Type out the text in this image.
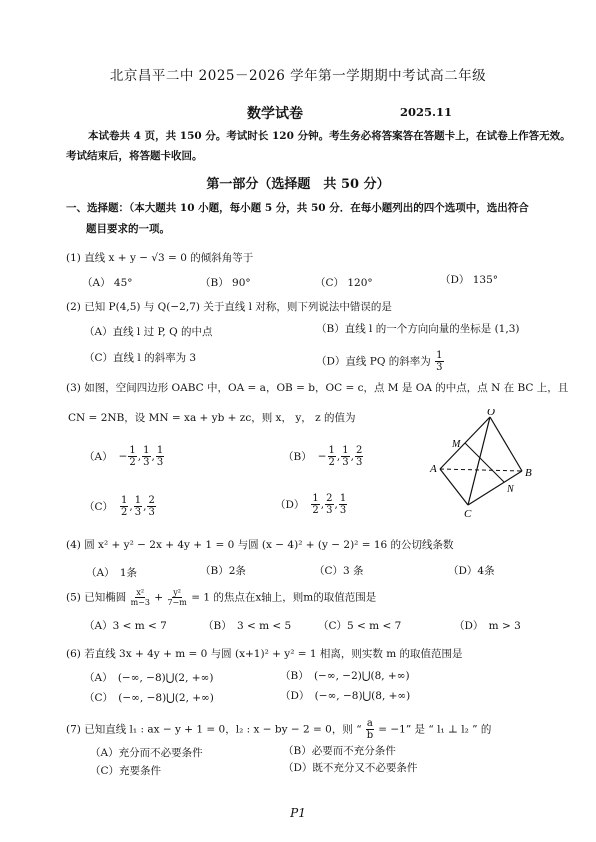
北京昌平二中 2025－2026 学年第一学期期中考试高二年级
数学试卷	2025.11
本试卷共 4 页，共 150 分。考试时长 120 分钟。考生务必将答案答在答题卡上，在试卷上作答无效。
考试结束后，将答题卡收回。
第一部分（选择题　共 50 分）
一、选择题：（本大题共 10 小题，每小题 5 分，共 50 分．在每小题列出的四个选项中，选出符合
题目要求的一项。
(1) 直线 x + y − √3 = 0 的倾斜角等于
（A） 45°	（B） 90°	（C） 120°	（D） 135°
(2) 已知 P(4,5) 与 Q(−2,7) 关于直线 l 对称，则下列说法中错误的是
（A）直线 l 过 P, Q 的中点	（B）直线 l 的一个方向向量的坐标是 (1,3)
（C）直线 l 的斜率为 3	（D）直线 PQ 的斜率为 $\frac{1}{3}$
(3) 如图，空间四边形 OABC 中，OA = a，OB = b，OC = c，点 M 是 OA 的中点，点 N 在 BC 上，且
CN = 2NB，设 MN = xa + yb + zc，则 x， y， z 的值为
$(A) - \frac{1}{2}$ , $\frac{1}{3}$ , $\frac{1}{3}$	$(B) - \frac{1}{2}$ , $\frac{1}{3}$ , $\frac{2}{3}$
$(C) \frac{1}{2}$ , $\frac{1}{3}$ , $\frac{2}{3}$	$(D) \frac{1}{2}$ , $\frac{2}{3}$ , $\frac{1}{3}$
O
M
A	B
N
C
(4) 圆 x² + y² − 2x + 4y + 1 = 0 与圆 (x − 4)² + (y − 2)² = 16 的公切线条数
（A）　1条	（B）2条	（C）3 条	（D）4条
(5) 已知椭圆 $\frac{\text{x²}}{m-3} + \frac{\text{y²}}{7-m} = 1$ 的焦点在x轴上，则m的取值范围是
（A）3 < m < 7	（B）　3 < m < 5	（C）5 < m < 7	（D）　m > 3
(6) 若直线 3x + 4y + m = 0 与圆 (x+1)² + y² = 1 相离，则实数 m 的取值范围是
（A）　(−∞, −8)⋃(2, +∞)	（B）　(−∞, −2)⋃(8, +∞)
（C）　(−∞, −8)⋃(2, +∞)	（D）　(−∞, −8)⋃(8, +∞)
(7) 已知直线 l₁ : ax − y + 1 = 0，l₂ : x − by − 2 = 0，则 “ $\frac{a}{b} = -1$” 是 “ l₁ ⊥ l₂ ” 的
（A）充分而不必要条件	（B）必要而不充分条件
（C）充要条件	（D）既不充分又不必要条件
P1
